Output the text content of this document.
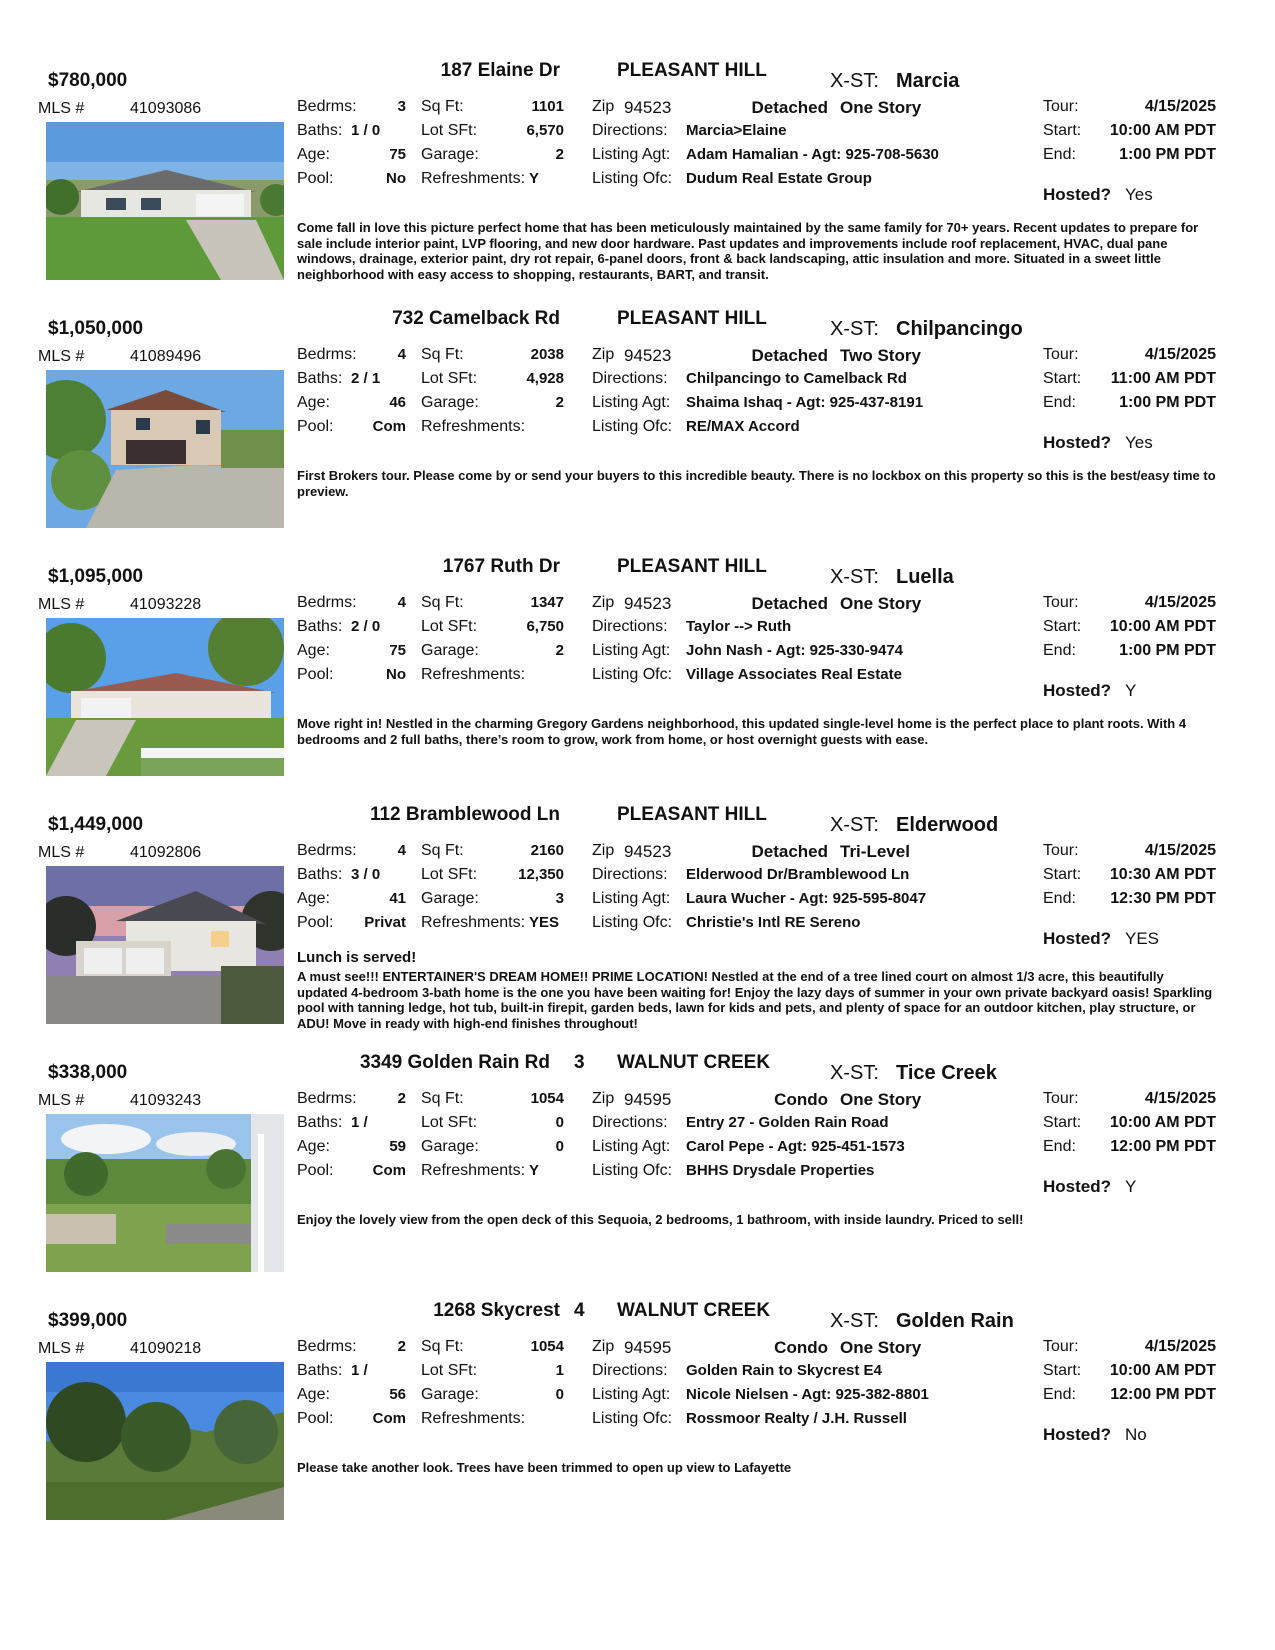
$780,000	187 Elaine Dr	PLEASANT HILL	X-ST: Marcia
MLS #	41093086	Bedrms:	3
Baths: 1 / 0
Age:	75
Pool:	No
Sq Ft:	1101
Lot SFt:	6,570
Garage:	2
Refreshments: Y
Zip 94523	Detached One Story
Directions: Marcia>Elaine
Listing Agt: Adam Hamalian - Agt: 925-708-5630
Listing Ofc: Dudum Real Estate Group
Tour:	4/15/2025
Start:	10:00 AM PDT
End:	1:00 PM PDT
Hosted? Yes
Come fall in love this picture perfect home that has been meticulously maintained by the same family for 70+ years. Recent updates to prepare for sale include interior paint, LVP flooring, and new door hardware. Past updates and improvements include roof replacement, HVAC, dual pane windows, drainage, exterior paint, dry rot repair, 6-panel doors, front & back landscaping, attic insulation and more. Situated in a sweet little neighborhood with easy access to shopping, restaurants, BART, and transit.
$1,050,000	732 Camelback Rd	PLEASANT HILL	X-ST: Chilpancingo
MLS #	41089496	Bedrms:	4
Baths: 2 / 1
Age:	46
Pool:	Com
Sq Ft:	2038
Lot SFt:	4,928
Garage:	2
Refreshments:
Zip 94523	Detached Two Story
Directions: Chilpancingo to Camelback Rd
Listing Agt: Shaima Ishaq - Agt: 925-437-8191
Listing Ofc: RE/MAX Accord
Tour:	4/15/2025
Start:	11:00 AM PDT
End:	1:00 PM PDT
Hosted? Yes
First Brokers tour. Please come by or send your buyers to this incredible beauty. There is no lockbox on this property so this is the best/easy time to preview.
$1,095,000	1767 Ruth Dr	PLEASANT HILL	X-ST: Luella
MLS #	41093228	Bedrms:	4
Baths: 2 / 0
Age:	75
Pool:	No
Sq Ft:	1347
Lot SFt:	6,750
Garage:	2
Refreshments:
Zip 94523	Detached One Story
Directions: Taylor --> Ruth
Listing Agt: John Nash - Agt: 925-330-9474
Listing Ofc: Village Associates Real Estate
Tour:	4/15/2025
Start:	10:00 AM PDT
End:	1:00 PM PDT
Hosted? Y
Move right in! Nestled in the charming Gregory Gardens neighborhood, this updated single-level home is the perfect place to plant roots. With 4 bedrooms and 2 full baths, there’s room to grow, work from home, or host overnight guests with ease.
$1,449,000	112 Bramblewood Ln	PLEASANT HILL	X-ST: Elderwood
MLS #	41092806	Bedrms:	4
Baths: 3 / 0
Age:	41
Pool:	Privat
Sq Ft:	2160
Lot SFt:	12,350
Garage:	3
Refreshments: YES
Zip 94523	Detached Tri-Level
Directions: Elderwood Dr/Bramblewood Ln
Listing Agt: Laura Wucher - Agt: 925-595-8047
Listing Ofc: Christie's Intl RE Sereno
Tour:	4/15/2025
Start:	10:30 AM PDT
End:	12:30 PM PDT
Hosted? YES
Lunch is served!
A must see!!! ENTERTAINER'S DREAM HOME!! PRIME LOCATION! Nestled at the end of a tree lined court on almost 1/3 acre, this beautifully updated 4-bedroom 3-bath home is the one you have been waiting for! Enjoy the lazy days of summer in your own private backyard oasis! Sparkling pool with tanning ledge, hot tub, built-in firepit, garden beds, lawn for kids and pets, and plenty of space for an outdoor kitchen, play structure, or ADU! Move in ready with high-end finishes throughout!
$338,000	3349 Golden Rain Rd 3 WALNUT CREEK	X-ST: Tice Creek
MLS #	41093243	Bedrms:	2
Baths: 1 /
Age:	59
Pool:	Com
Sq Ft:	1054
Lot SFt:	0
Garage:	0
Refreshments: Y
Zip 94595	Condo One Story
Directions: Entry 27 - Golden Rain Road
Listing Agt: Carol Pepe - Agt: 925-451-1573
Listing Ofc: BHHS Drysdale Properties
Tour:	4/15/2025
Start:	10:00 AM PDT
End:	12:00 PM PDT
Hosted? Y
Enjoy the lovely view from the open deck of this Sequoia, 2 bedrooms, 1 bathroom, with inside laundry. Priced to sell!
$399,000	1268 Skycrest 4 WALNUT CREEK	X-ST: Golden Rain
MLS #	41090218	Bedrms:	2
Baths: 1 /
Age:	56
Pool:	Com
Sq Ft:	1054
Lot SFt:	1
Garage:	0
Refreshments:
Zip 94595	Condo One Story
Directions: Golden Rain to Skycrest E4
Listing Agt: Nicole Nielsen - Agt: 925-382-8801
Listing Ofc: Rossmoor Realty / J.H. Russell
Tour:	4/15/2025
Start:	10:00 AM PDT
End:	12:00 PM PDT
Hosted? No
Please take another look. Trees have been trimmed to open up view to Lafayette
